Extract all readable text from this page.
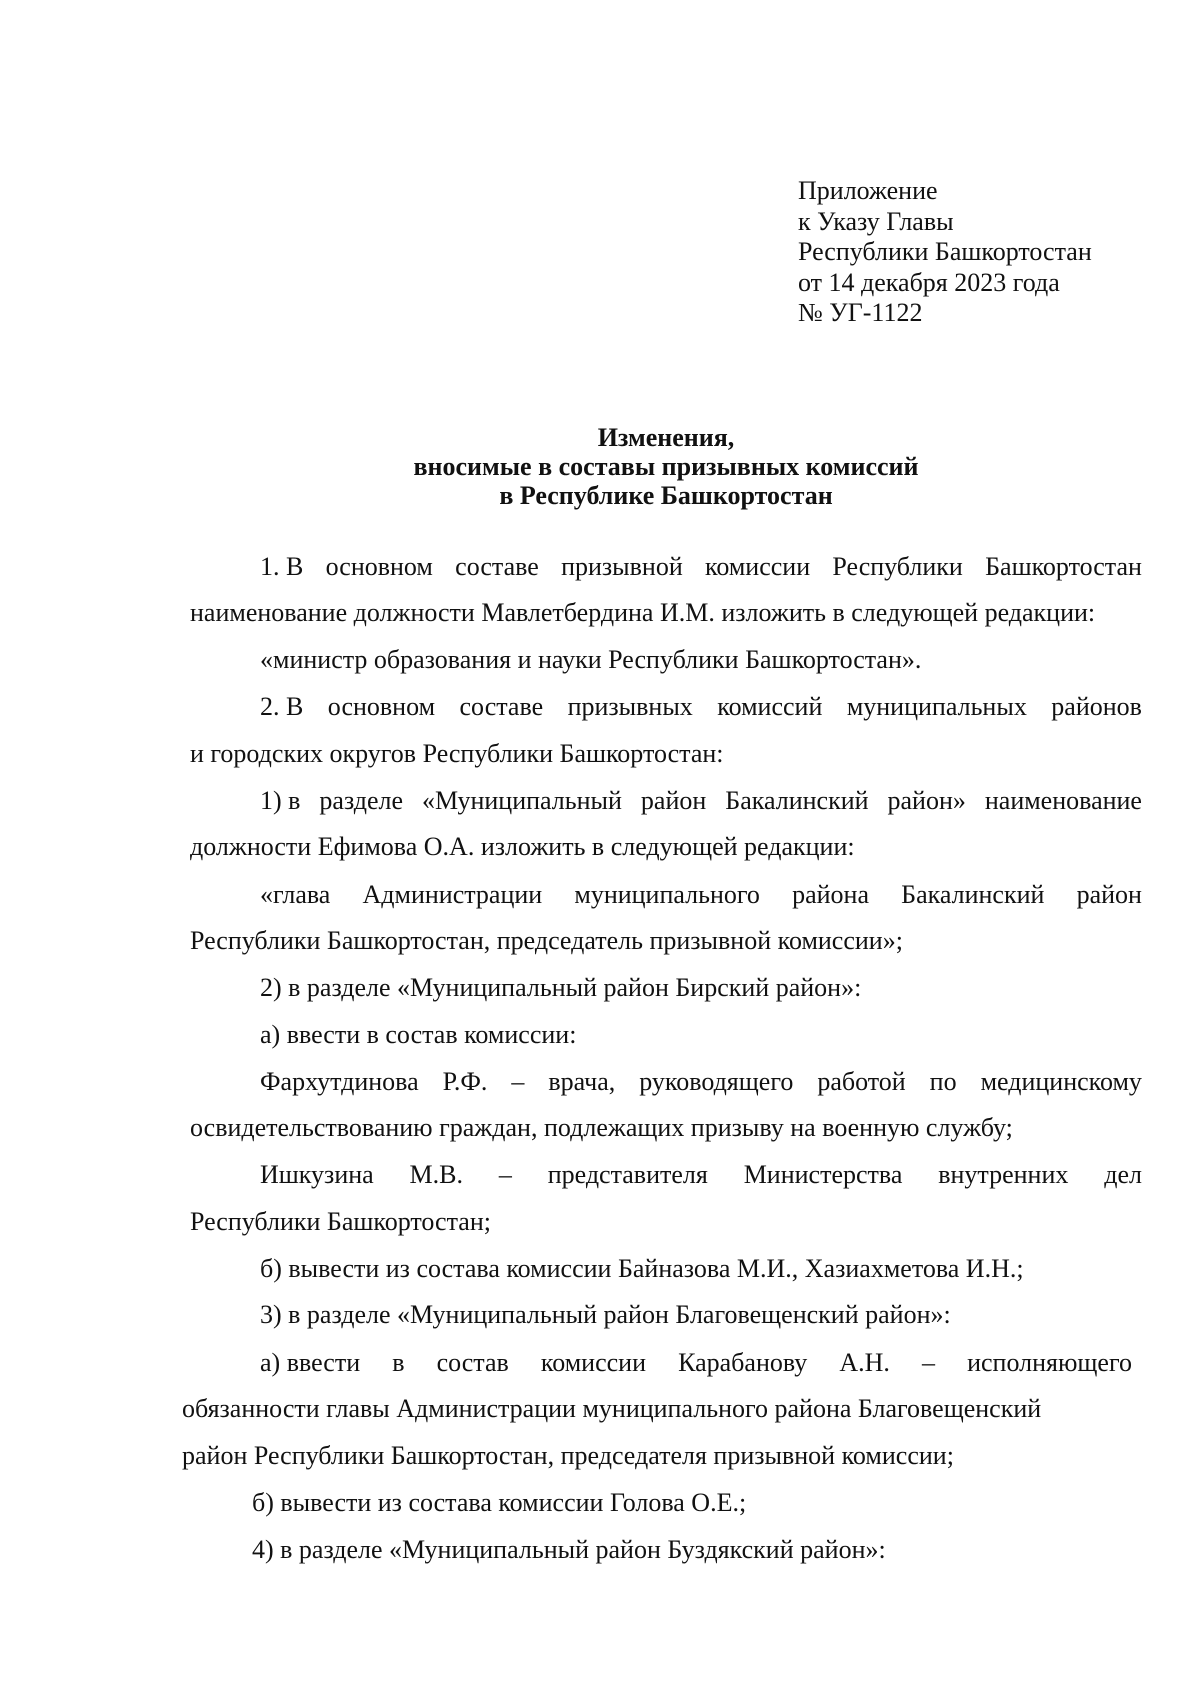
Приложение
к Указу Главы
Республики Башкортостан
от 14 декабря 2023 года
№ УГ-1122
Изменения,
вносимые в составы призывных комиссий
в Республике Башкортостан
1. В основном составе призывной комиссии Республики Башкортостан
наименование должности Мавлетбердина И.М. изложить в следующей редакции:
«министр образования и науки Республики Башкортостан».
2. В основном составе призывных комиссий муниципальных районов
и городских округов Республики Башкортостан:
1) в разделе «Муниципальный район Бакалинский район» наименование
должности Ефимова О.А. изложить в следующей редакции:
«глава Администрации муниципального района Бакалинский район
Республики Башкортостан, председатель призывной комиссии»;
2) в разделе «Муниципальный район Бирский район»:
а) ввести в состав комиссии:
Фархутдинова Р.Ф. – врача, руководящего работой по медицинскому
освидетельствованию граждан, подлежащих призыву на военную службу;
Ишкузина М.В. – представителя Министерства внутренних дел
Республики Башкортостан;
б) вывести из состава комиссии Байназова М.И., Хазиахметова И.Н.;
3) в разделе «Муниципальный район Благовещенский район»:
а) ввести в состав комиссии Карабанову А.Н. – исполняющего
обязанности главы Администрации муниципального района Благовещенский
район Республики Башкортостан, председателя призывной комиссии;
б) вывести из состава комиссии Голова О.Е.;
4) в разделе «Муниципальный район Буздякский район»:
